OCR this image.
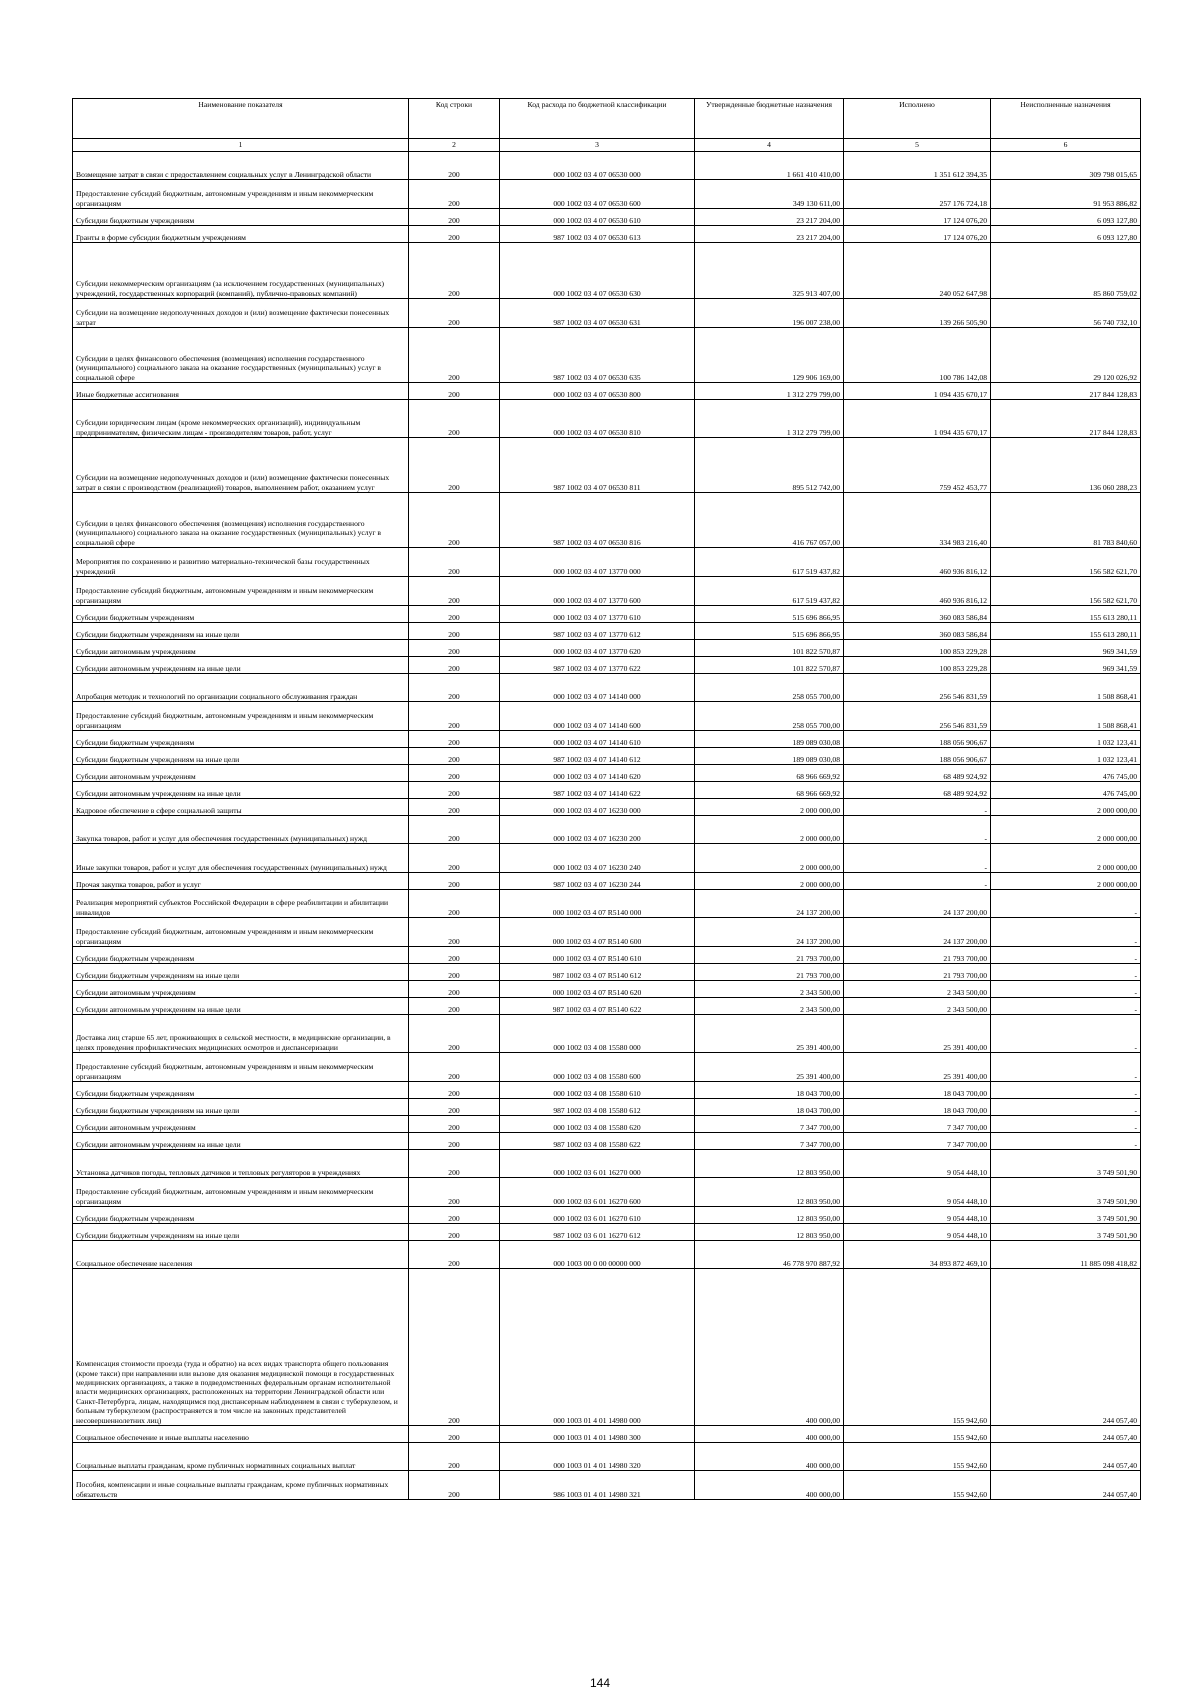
Наименование показателя	Код строки	Код расхода по бюджетной классификации	Утвержденные бюджетные назначения	Исполнено	Неисполненные назначения
1	2	3	4	5	6
Возмещение затрат в связи с предоставлением социальных услуг в Ленинградской области	200	000 1002 03 4 07 06530 000	1 661 410 410,00	1 351 612 394,35	309 798 015,65
Предоставление субсидий бюджетным, автономным учреждениям и иным некоммерческим организациям	200	000 1002 03 4 07 06530 600	349 130 611,00	257 176 724,18	91 953 886,82
Субсидии бюджетным учреждениям	200	000 1002 03 4 07 06530 610	23 217 204,00	17 124 076,20	6 093 127,80
Гранты в форме субсидии бюджетным учреждениям	200	987 1002 03 4 07 06530 613	23 217 204,00	17 124 076,20	6 093 127,80
Субсидии некоммерческим организациям (за исключением государственных (муниципальных) учреждений, государственных корпораций (компаний), публично-правовых компаний)	200	000 1002 03 4 07 06530 630	325 913 407,00	240 052 647,98	85 860 759,02
Субсидии на возмещение недополученных доходов и (или) возмещение фактически понесенных затрат	200	987 1002 03 4 07 06530 631	196 007 238,00	139 266 505,90	56 740 732,10
Субсидии в целях финансового обеспечения (возмещения) исполнения государственного (муниципального) социального заказа на оказание государственных (муниципальных) услуг в социальной сфере	200	987 1002 03 4 07 06530 635	129 906 169,00	100 786 142,08	29 120 026,92
Иные бюджетные ассигнования	200	000 1002 03 4 07 06530 800	1 312 279 799,00	1 094 435 670,17	217 844 128,83
Субсидии юридическим лицам (кроме некоммерческих организаций), индивидуальным предпринимателям, физическим лицам - производителям товаров, работ, услуг	200	000 1002 03 4 07 06530 810	1 312 279 799,00	1 094 435 670,17	217 844 128,83
Субсидии на возмещение недополученных доходов и (или) возмещение фактически понесенных затрат в связи с производством (реализацией) товаров, выполнением работ, оказанием услуг	200	987 1002 03 4 07 06530 811	895 512 742,00	759 452 453,77	136 060 288,23
Субсидии в целях финансового обеспечения (возмещения) исполнения государственного (муниципального) социального заказа на оказание государственных (муниципальных) услуг в социальной сфере	200	987 1002 03 4 07 06530 816	416 767 057,00	334 983 216,40	81 783 840,60
Мероприятия по сохранению и развитию материально-технической базы государственных учреждений	200	000 1002 03 4 07 13770 000	617 519 437,82	460 936 816,12	156 582 621,70
Предоставление субсидий бюджетным, автономным учреждениям и иным некоммерческим организациям	200	000 1002 03 4 07 13770 600	617 519 437,82	460 936 816,12	156 582 621,70
Субсидии бюджетным учреждениям	200	000 1002 03 4 07 13770 610	515 696 866,95	360 083 586,84	155 613 280,11
Субсидии бюджетным учреждениям на иные цели	200	987 1002 03 4 07 13770 612	515 696 866,95	360 083 586,84	155 613 280,11
Субсидии автономным учреждениям	200	000 1002 03 4 07 13770 620	101 822 570,87	100 853 229,28	969 341,59
Субсидии автономным учреждениям на иные цели	200	987 1002 03 4 07 13770 622	101 822 570,87	100 853 229,28	969 341,59
Апробация методик и технологий по организации социального обслуживания граждан	200	000 1002 03 4 07 14140 000	258 055 700,00	256 546 831,59	1 508 868,41
Предоставление субсидий бюджетным, автономным учреждениям и иным некоммерческим организациям	200	000 1002 03 4 07 14140 600	258 055 700,00	256 546 831,59	1 508 868,41
Субсидии бюджетным учреждениям	200	000 1002 03 4 07 14140 610	189 089 030,08	188 056 906,67	1 032 123,41
Субсидии бюджетным учреждениям на иные цели	200	987 1002 03 4 07 14140 612	189 089 030,08	188 056 906,67	1 032 123,41
Субсидии автономным учреждениям	200	000 1002 03 4 07 14140 620	68 966 669,92	68 489 924,92	476 745,00
Субсидии автономным учреждениям на иные цели	200	987 1002 03 4 07 14140 622	68 966 669,92	68 489 924,92	476 745,00
Кадровое обеспечение в сфере социальной защиты	200	000 1002 03 4 07 16230 000	2 000 000,00	-	2 000 000,00
Закупка товаров, работ и услуг для обеспечения государственных (муниципальных) нужд	200	000 1002 03 4 07 16230 200	2 000 000,00	-	2 000 000,00
Иные закупки товаров, работ и услуг для обеспечения государственных (муниципальных) нужд	200	000 1002 03 4 07 16230 240	2 000 000,00	-	2 000 000,00
Прочая закупка товаров, работ и услуг	200	987 1002 03 4 07 16230 244	2 000 000,00	-	2 000 000,00
Реализация мероприятий субъектов Российской Федерации в сфере реабилитации и абилитации инвалидов	200	000 1002 03 4 07 R5140 000	24 137 200,00	24 137 200,00	-
Предоставление субсидий бюджетным, автономным учреждениям и иным некоммерческим организациям	200	000 1002 03 4 07 R5140 600	24 137 200,00	24 137 200,00	-
Субсидии бюджетным учреждениям	200	000 1002 03 4 07 R5140 610	21 793 700,00	21 793 700,00	-
Субсидии бюджетным учреждениям на иные цели	200	987 1002 03 4 07 R5140 612	21 793 700,00	21 793 700,00	-
Субсидии автономным учреждениям	200	000 1002 03 4 07 R5140 620	2 343 500,00	2 343 500,00	-
Субсидии автономным учреждениям на иные цели	200	987 1002 03 4 07 R5140 622	2 343 500,00	2 343 500,00	-
Доставка лиц старше 65 лет, проживающих в сельской местности, в медицинские организации, в целях проведения профилактических медицинских осмотров и диспансеризации	200	000 1002 03 4 08 15580 000	25 391 400,00	25 391 400,00	-
Предоставление субсидий бюджетным, автономным учреждениям и иным некоммерческим организациям	200	000 1002 03 4 08 15580 600	25 391 400,00	25 391 400,00	-
Субсидии бюджетным учреждениям	200	000 1002 03 4 08 15580 610	18 043 700,00	18 043 700,00	-
Субсидии бюджетным учреждениям на иные цели	200	987 1002 03 4 08 15580 612	18 043 700,00	18 043 700,00	-
Субсидии автономным учреждениям	200	000 1002 03 4 08 15580 620	7 347 700,00	7 347 700,00	-
Субсидии автономным учреждениям на иные цели	200	987 1002 03 4 08 15580 622	7 347 700,00	7 347 700,00	-
Установка датчиков погоды, тепловых датчиков и тепловых регуляторов в учреждениях	200	000 1002 03 6 01 16270 000	12 803 950,00	9 054 448,10	3 749 501,90
Предоставление субсидий бюджетным, автономным учреждениям и иным некоммерческим организациям	200	000 1002 03 6 01 16270 600	12 803 950,00	9 054 448,10	3 749 501,90
Субсидии бюджетным учреждениям	200	000 1002 03 6 01 16270 610	12 803 950,00	9 054 448,10	3 749 501,90
Субсидии бюджетным учреждениям на иные цели	200	987 1002 03 6 01 16270 612	12 803 950,00	9 054 448,10	3 749 501,90
Социальное обеспечение населения	200	000 1003 00 0 00 00000 000	46 778 970 887,92	34 893 872 469,10	11 885 098 418,82
Компенсация стоимости проезда (туда и обратно) на всех видах транспорта общего пользования (кроме такси) при направлении или вызове для оказания медицинской помощи в государственных медицинских организациях, а также в подведомственных федеральным органам исполнительной власти медицинских организациях, расположенных на территории Ленинградской области или Санкт-Петербурга, лицам, находящимся под диспансерным наблюдением в связи с туберкулезом, и больным туберкулезом (распространяется в том числе на законных представителей несовершеннолетних лиц)	200	000 1003 01 4 01 14980 000	400 000,00	155 942,60	244 057,40
Социальное обеспечение и иные выплаты населению	200	000 1003 01 4 01 14980 300	400 000,00	155 942,60	244 057,40
Социальные выплаты гражданам, кроме публичных нормативных социальных выплат	200	000 1003 01 4 01 14980 320	400 000,00	155 942,60	244 057,40
Пособия, компенсации и иные социальные выплаты гражданам, кроме публичных нормативных обязательств	200	986 1003 01 4 01 14980 321	400 000,00	155 942,60	244 057,40
144
